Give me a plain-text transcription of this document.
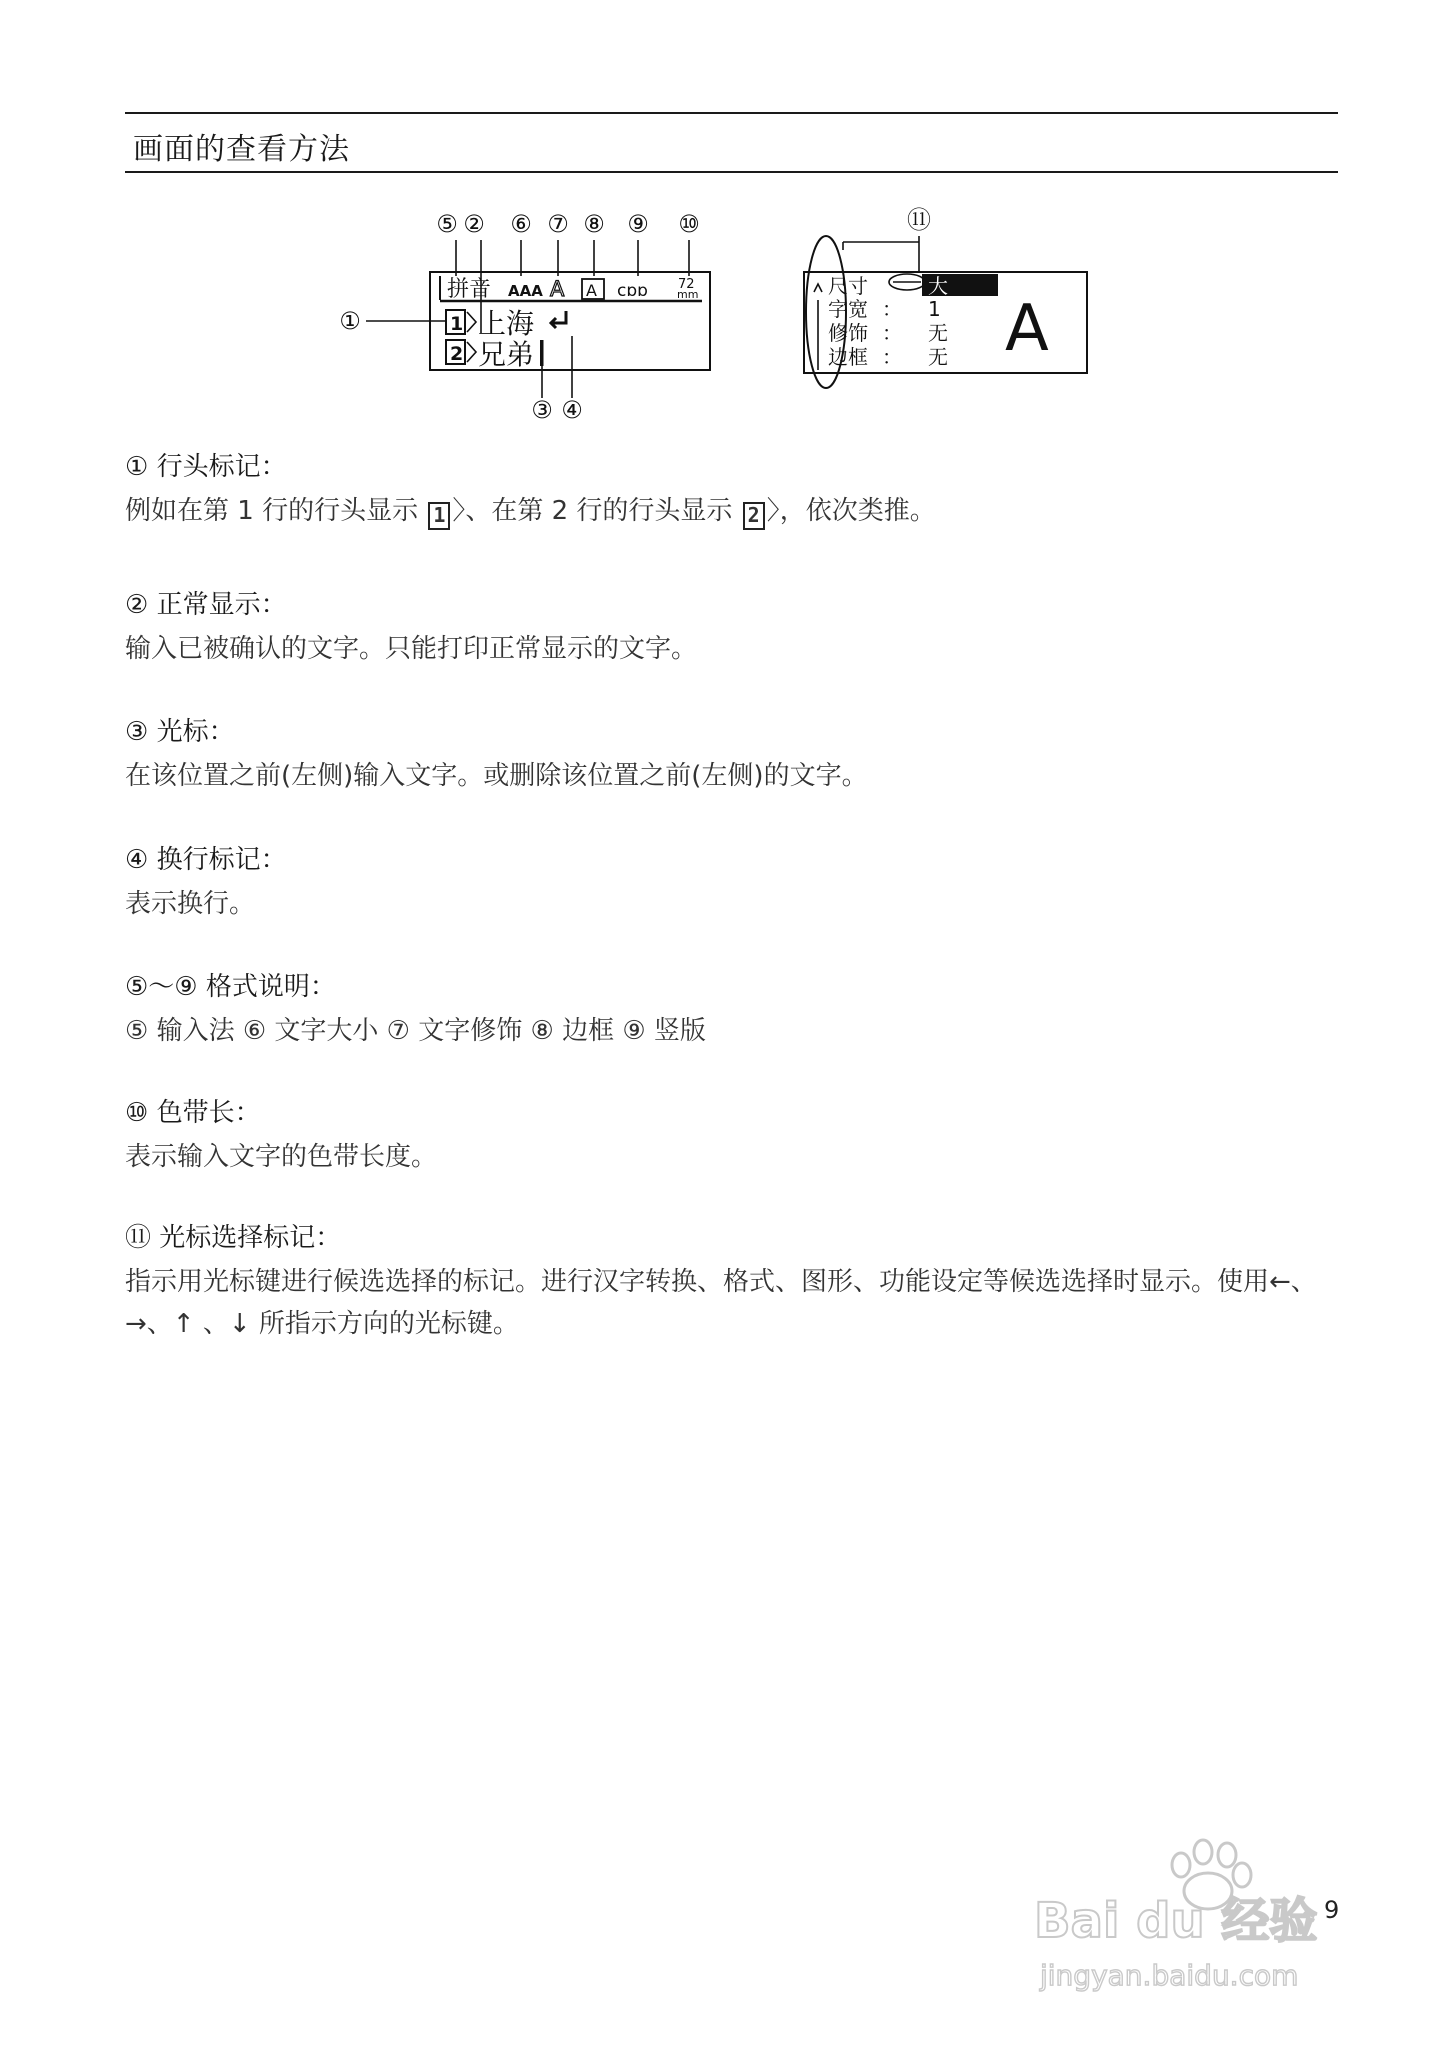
画面的查看方法
⑤ ② ⑥ ⑦ ⑧ ⑨ ⑩
①
③ ④
拼音 AAA A A cɒɒ 72
mm
1 上海
2 兄弟
⑪
尺寸	大
字宽 ： 1
修饰 ： 无
边框 ： 无 A

① 行头标记：

例如在第 1 行的行头显示 1 〉、在第 2 行的行头显示 2 〉，依次类推。

② 正常显示：

输入已被确认的文字。只能打印正常显示的文字。

③ 光标：

在该位置之前(左侧)输入文字。或删除该位置之前(左侧)的文字。

④ 换行标记：

表示换行。

⑤～⑨ 格式说明：

⑤ 输入法 ⑥ 文字大小 ⑦ 文字修饰 ⑧ 边框 ⑨ 竖版

⑩ 色带长：

表示输入文字的色带长度。

⑪ 光标选择标记：

指示用光标键进行候选选择的标记。进行汉字转换、格式、图形、功能设定等候选选择时显示。使用←、→、↑ 、↓ 所指示方向的光标键。

Bai du 经验
jingyan.baidu.com
9
